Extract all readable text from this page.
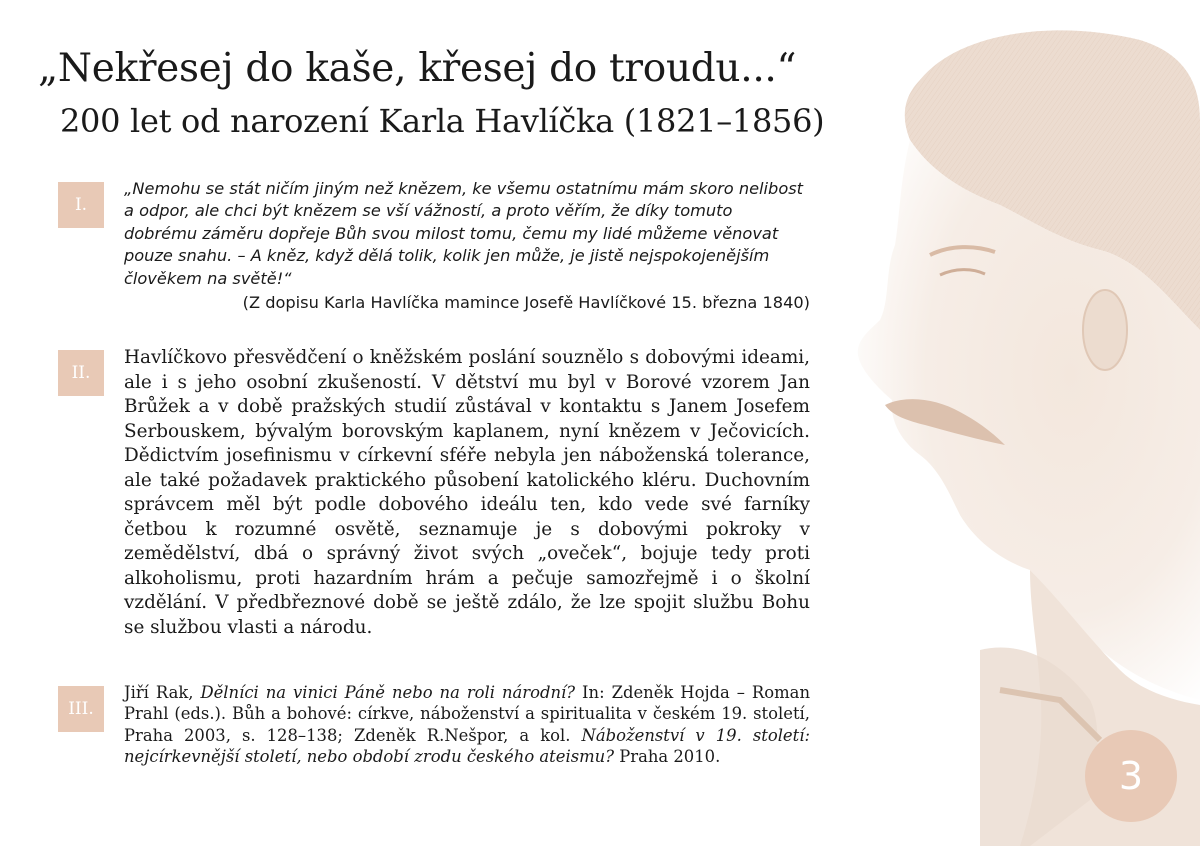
„Nekřesej do kaše, křesej do troudu...“
200 let od narození Karla Havlíčka (1821–1856)
I.
„Nemohu se stát ničím jiným než knězem, ke všemu ostatnímu mám skoro nelibost a odpor, ale chci být knězem se vší vážností, a proto věřím, že díky tomuto dobrému záměru dopřeje Bůh svou milost tomu, čemu my lidé můžeme věnovat pouze snahu. – A kněz, když dělá tolik, kolik jen může, je jistě nejspokojenějším člověkem na světě!“
(Z dopisu Karla Havlíčka mamince Josefě Havlíčkové 15. března 1840)
II.
Havlíčkovo přesvědčení o kněžském poslání souznělo s dobovými ideami, ale i s jeho osobní zkušeností. V dětství mu byl v Borové vzorem Jan Brůžek a v době pražských studií zůstával v kontaktu s Janem Josefem Serbouskem, bývalým borovským kaplanem, nyní knězem v Ječovicích. Dědictvím josefinismu v církevní sféře nebyla jen náboženská tolerance, ale také požadavek praktického působení katolického kléru. Duchovním správcem měl být podle dobového ideálu ten, kdo vede své farníky četbou k rozumné osvětě, seznamuje je s dobovými pokroky v zemědělství, dbá o správný život svých „oveček“, bojuje tedy proti alkoholismu, proti hazardním hrám a pečuje samozřejmě i o školní vzdělání. V předbřeznové době se ještě zdálo, že lze spojit službu Bohu se službou vlasti a národu.
III.
Jiří Rak, Dělníci na vinici Páně nebo na roli národní? In: Zdeněk Hojda – Roman Prahl (eds.). Bůh a bohové: církve, náboženství a spiritualita v českém 19. století, Praha 2003, s. 128–138; Zdeněk R.Nešpor, a kol. Náboženství v 19. století: nejcírkevnější století, nebo období zrodu českého ateismu? Praha 2010.	3
